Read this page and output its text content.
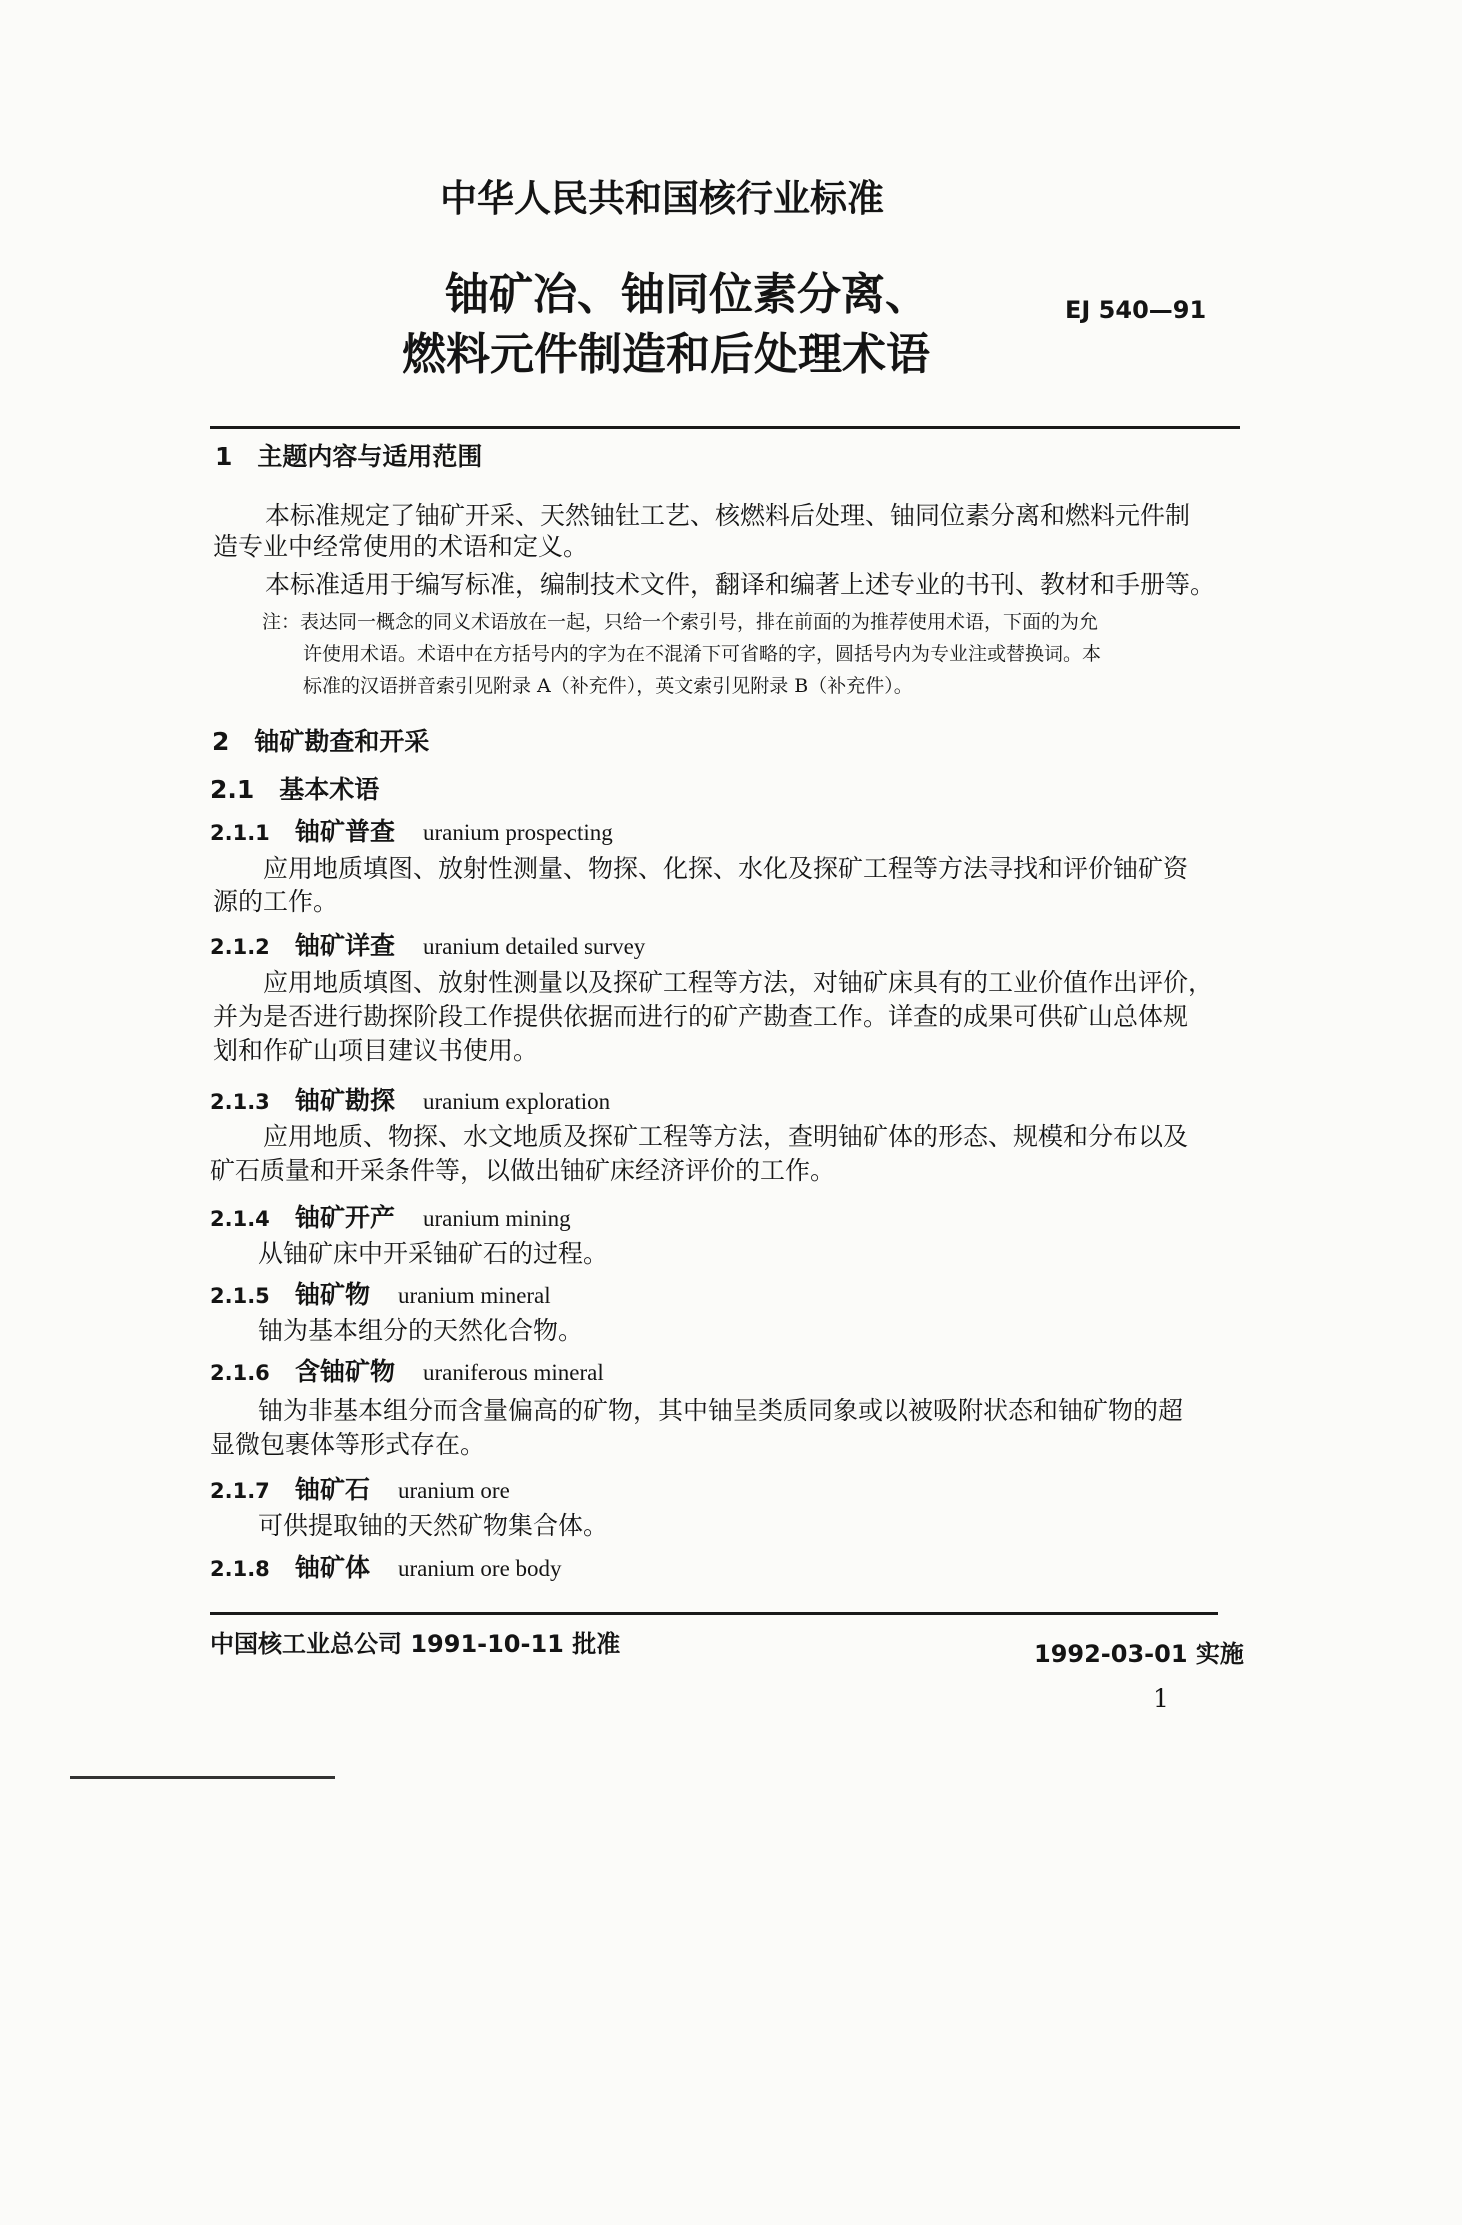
中华人民共和国核行业标准
铀矿冶、铀同位素分离、
燃料元件制造和后处理术语
EJ 540—91
1　主题内容与适用范围
本标准规定了铀矿开采、天然铀钍工艺、核燃料后处理、铀同位素分离和燃料元件制
造专业中经常使用的术语和定义。
本标准适用于编写标准，编制技术文件，翻译和编著上述专业的书刊、教材和手册等。
注：表达同一概念的同义术语放在一起，只给一个索引号，排在前面的为推荐使用术语，下面的为允
许使用术语。术语中在方括号内的字为在不混淆下可省略的字，圆括号内为专业注或替换词。本
标准的汉语拼音索引见附录 A（补充件），英文索引见附录 B（补充件）。
2　铀矿勘查和开采
2.1　基本术语
2.1.1 铀矿普查 uranium prospecting
应用地质填图、放射性测量、物探、化探、水化及探矿工程等方法寻找和评价铀矿资
源的工作。
2.1.2 铀矿详查 uranium detailed survey
应用地质填图、放射性测量以及探矿工程等方法，对铀矿床具有的工业价值作出评价，
并为是否进行勘探阶段工作提供依据而进行的矿产勘查工作。详查的成果可供矿山总体规
划和作矿山项目建议书使用。
2.1.3 铀矿勘探 uranium exploration
应用地质、物探、水文地质及探矿工程等方法，查明铀矿体的形态、规模和分布以及
矿石质量和开采条件等，以做出铀矿床经济评价的工作。
2.1.4 铀矿开产 uranium mining
从铀矿床中开采铀矿石的过程。
2.1.5 铀矿物 uranium mineral
铀为基本组分的天然化合物。
2.1.6 含铀矿物 uraniferous mineral
铀为非基本组分而含量偏高的矿物，其中铀呈类质同象或以被吸附状态和铀矿物的超
显微包裹体等形式存在。
2.1.7 铀矿石 uranium ore
可供提取铀的天然矿物集合体。
2.1.8 铀矿体 uranium ore body
中国核工业总公司 1991-10-11 批准	1992-03-01 实施
1
